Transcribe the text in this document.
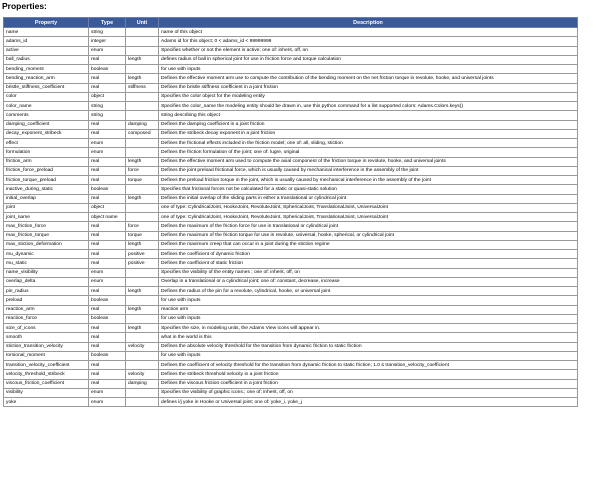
Properties:
Property	Type	Unit	Description
name	string		name of this object
adams_id	integer		Adams id for this object; 0 < adams_id < 99999999
active	enum		Specifies whether or not the element is active; one of: inherit, off, on
ball_radius	real	length	defines radius of ball in spherical joint for use in friction force and torque calculation
bending_moment	boolean		for use with inputs
bending_reaction_arm	real	length	Defines the effective moment arm use to compute the contribution of the bending moment on the net friction torque in revolute, hooke, and universal joints
bristle_stiffness_coefficient	real	stiffness	Defines the bristle stiffness coefficient in a joint friction
color	object		Specifies the color object for the modeling entity
color_name	string		Specifies the color_name the modeling entity should be drawn in, use this python command for a list supported colors: Adams.Colors.keys()
comments	string		string describing this object
damping_coefficient	real	damping	Defines the damping coefficient in a joint friction
decay_exponent_stribeck	real	composed	Defines the stribeck decay exponent in a joint friction
effect	enum		Defines the frictional effects included in the friction model; one of: all, sliding, stiction
formulation	enum		Defines the friction formulation of the joint; one of: lugre, original
friction_arm	real	length	Defines the effective moment arm used to compute the axial component of the friction torque in revolute, hooke, and universal joints
friction_force_preload	real	force	Defines the joint preload frictional force, which is usually caused by mechanical interference in the assembly of the joint
friction_torque_preload	real	torque	Defines the preload friction torque in the joint, which is usually caused by mechanical interference in the assembly of the joint
inactive_during_static	boolean		Specifies that frictional forces not be calculated for a static or quasi-static solution
initial_overlap	real	length	Defines the initial overlap of the sliding parts in either a translational or cylindrical joint
joint	object		one of type: CylindricalJoint, HookeJoint, RevoluteJoint, SphericalJoint, TranslationalJoint, UniversalJoint
joint_name	object name		one of type: CylindricalJoint, HookeJoint, RevoluteJoint, SphericalJoint, TranslationalJoint, UniversalJoint
max_friction_force	real	force	Defines the maximum of the friction force for use in translational or cylindrical joint
max_friction_torque	real	torque	Defines the maximum of the friction torque for use in revolute, universal, hooke, spherical, or cylindrical joint
max_stiction_deformation	real	length	Defines the maximum creep that can occur in a joint during the stiction regime
mu_dynamic	real	positive	Defines the coefficient of dynamic friction
mu_static	real	positive	Defines the coefficient of static friction
name_visibility	enum		Specifies the visibility of the entity names ; one of: inherit, off, on
overlap_delta	enum		Overlap in a translational or a cylindrical joint; one of: constant, decrease, increase
pin_radius	real	length	Defines the radius of the pin for a revolute, cylindrical, hooke, or universal joint
preload	boolean		for use with inputs
reaction_arm	real	length	reaction arm
reaction_force	boolean		for use with inputs
size_of_icons	real	length	Specifies the size, in modeling units, the Adams View icons will appear in.
smooth	real		what in the world is this
stiction_transition_velocity	real	velocity	Defines the absolute velocity threshold for the transition from dynamic friction to static friction
torsional_moment	boolean		for use with inputs
transition_velocity_coefficient	real		Defines the coefficient of velocity threshold for the transition from dynamic friction to static friction; 1.0 ≤ transition_velocity_coefficient
velocity_threshold_stribeck	real	velocity	Defines the stribeck threshold velocity in a joint friction
viscous_friction_coefficient	real	damping	Defines the viscous friction coefficient in a joint friction
visibility	enum		Specifies the visibility of graphic icons.; one of: inherit, off, on
yoke	enum		defines i/j yoke in Hooke or Universal joint; one of: yoke_i, yoke_j
